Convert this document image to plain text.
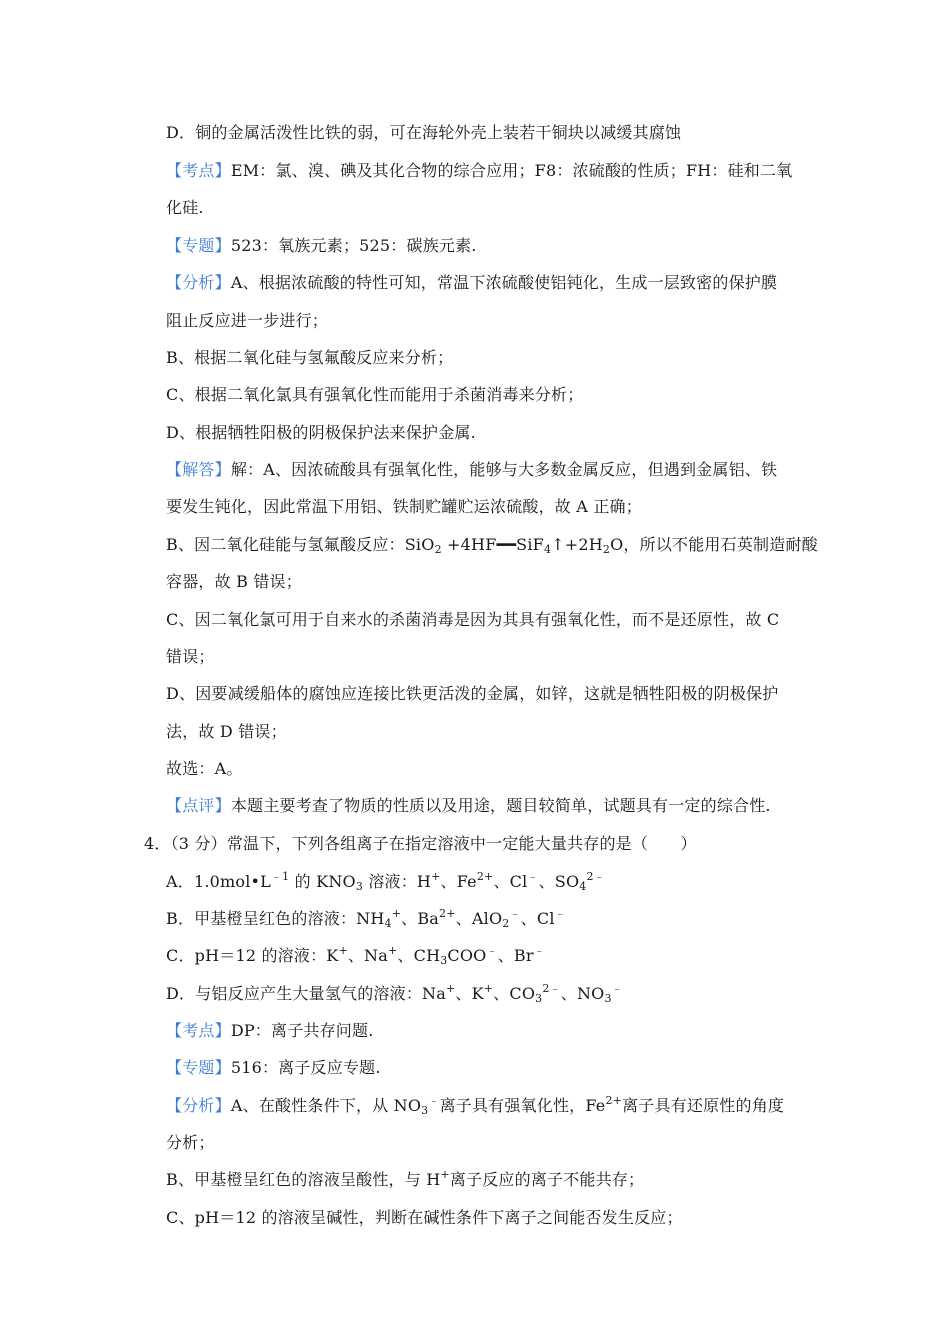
D．铜的金属活泼性比铁的弱，可在海轮外壳上装若干铜块以减缓其腐蚀
【考点】EM：氯、溴、碘及其化合物的综合应用；F8：浓硫酸的性质；FH：硅和二氧
化硅.
【专题】523：氧族元素；525：碳族元素.
【分析】A、根据浓硫酸的特性可知，常温下浓硫酸使铝钝化，生成一层致密的保护膜
阻止反应进一步进行；
B、根据二氧化硅与氢氟酸反应来分析；
C、根据二氧化氯具有强氧化性而能用于杀菌消毒来分析；
D、根据牺牲阳极的阴极保护法来保护金属.
【解答】解：A、因浓硫酸具有强氧化性，能够与大多数金属反应，但遇到金属铝、铁
要发生钝化，因此常温下用铝、铁制贮罐贮运浓硫酸，故 A 正确；
B、因二氧化硅能与氢氟酸反应：$SiO_2 +4HF━━SiF_4↑+2H_2O$，所以不能用石英制造耐酸
容器，故 B 错误；
C、因二氧化氯可用于自来水的杀菌消毒是因为其具有强氧化性，而不是还原性，故 C
错误；
D、因要减缓船体的腐蚀应连接比铁更活泼的金属，如锌，这就是牺牲阳极的阴极保护
法，故 D 错误；
故选：A。
【点评】本题主要考查了物质的性质以及用途，题目较简单，试题具有一定的综合性.
4．（3 分）常温下，下列各组离子在指定溶液中一定能大量共存的是（　　）
A．$1.0mol•L^{﹣1}$ 的 $KNO_3$ 溶液：H+、$Fe^{2+}$、Cl﹣、$SO_4^{2﹣}$
B．甲基橙呈红色的溶液：$NH_4^+$、$Ba^{2+}$、AlO$_2$﹣、Cl﹣
C．pH＝12 的溶液：K+、Na+、$CH_3COO^﹣$、Br﹣
D．与铝反应产生大量氢气的溶液：Na+、K+、$CO_3^{2﹣}$、$NO_3^﹣$
【考点】DP：离子共存问题.
【专题】516：离子反应专题.
【分析】A、在酸性条件下，从 $NO_3^﹣$离子具有强氧化性，$Fe^{2+}$离子具有还原性的角度
分析；
B、甲基橙呈红色的溶液呈酸性，与 H+离子反应的离子不能共存；
C、pH＝12 的溶液呈碱性，判断在碱性条件下离子之间能否发生反应；
